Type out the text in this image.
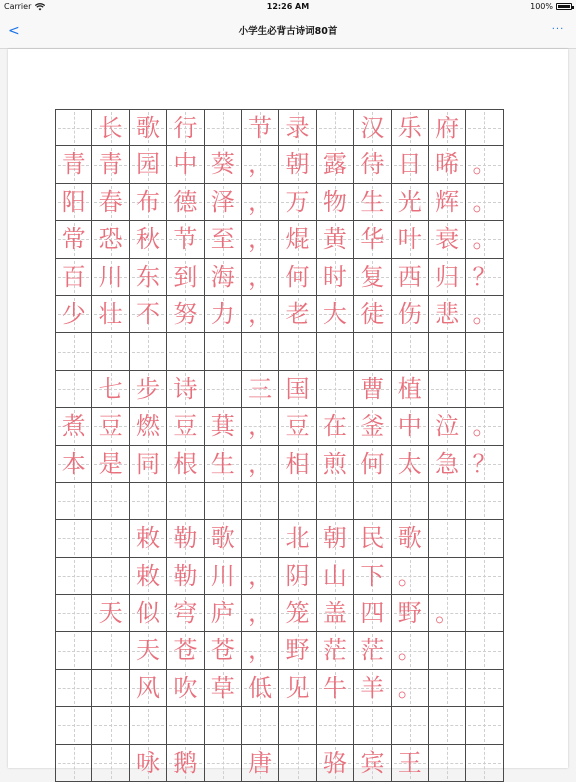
Carrier	12:26 AM	100%
<	小学生必背古诗词80首	···
长 歌 行	节 录	汉 乐 府
青 青 园 中 葵 ， 朝 露 待 日 晞 。
阳 春 布 德 泽 ， 万 物 生 光 辉 。
常 恐 秋 节 至 ， 焜 黄 华 叶 衰 。
百 川 东 到 海 ， 何 时 复 西 归 ？
少 壮 不 努 力 ， 老 大 徒 伤 悲 。
七 步 诗	三 国	曹 植
煮 豆 燃 豆 萁 ， 豆 在 釜 中 泣 。
本 是 同 根 生 ， 相 煎 何 太 急 ？
敕 勒 歌	北 朝 民 歌
敕 勒 川 ， 阴 山 下 。
天 似 穹 庐 ， 笼 盖 四 野 。
天 苍 苍 ， 野 茫 茫 。
风 吹 草 低 见 牛 羊 。
咏 鹅	唐	骆 宾 王
